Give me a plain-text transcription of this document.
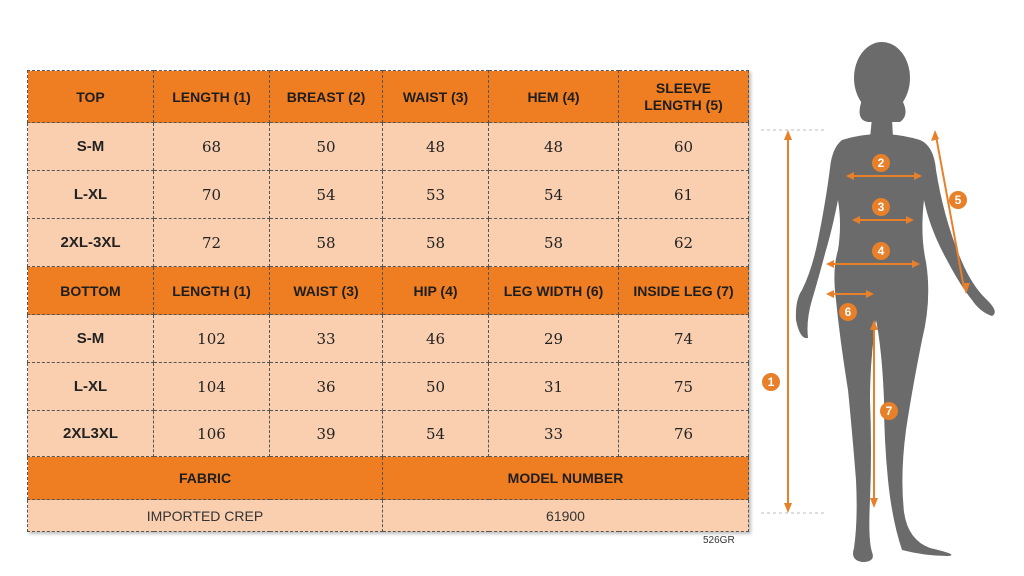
TOP	LENGTH (1)	BREAST (2)	WAIST (3)	HEM (4)	SLEEVE LENGTH (5)
S-M	68	50	48	48	60
L-XL	70	54	53	54	61
2XL-3XL	72	58	58	58	62
BOTTOM	LENGTH (1)	WAIST (3)	HIP (4)	LEG WIDTH (6)	INSIDE LEG (7)
S-M	102	33	46	29	74
L-XL	104	36	50	31	75
2XL3XL	106	39	54	33	76
FABRIC			MODEL NUMBER		
IMPORTED CREP			61900		
526GR
1
2
3
4
5
6
7
